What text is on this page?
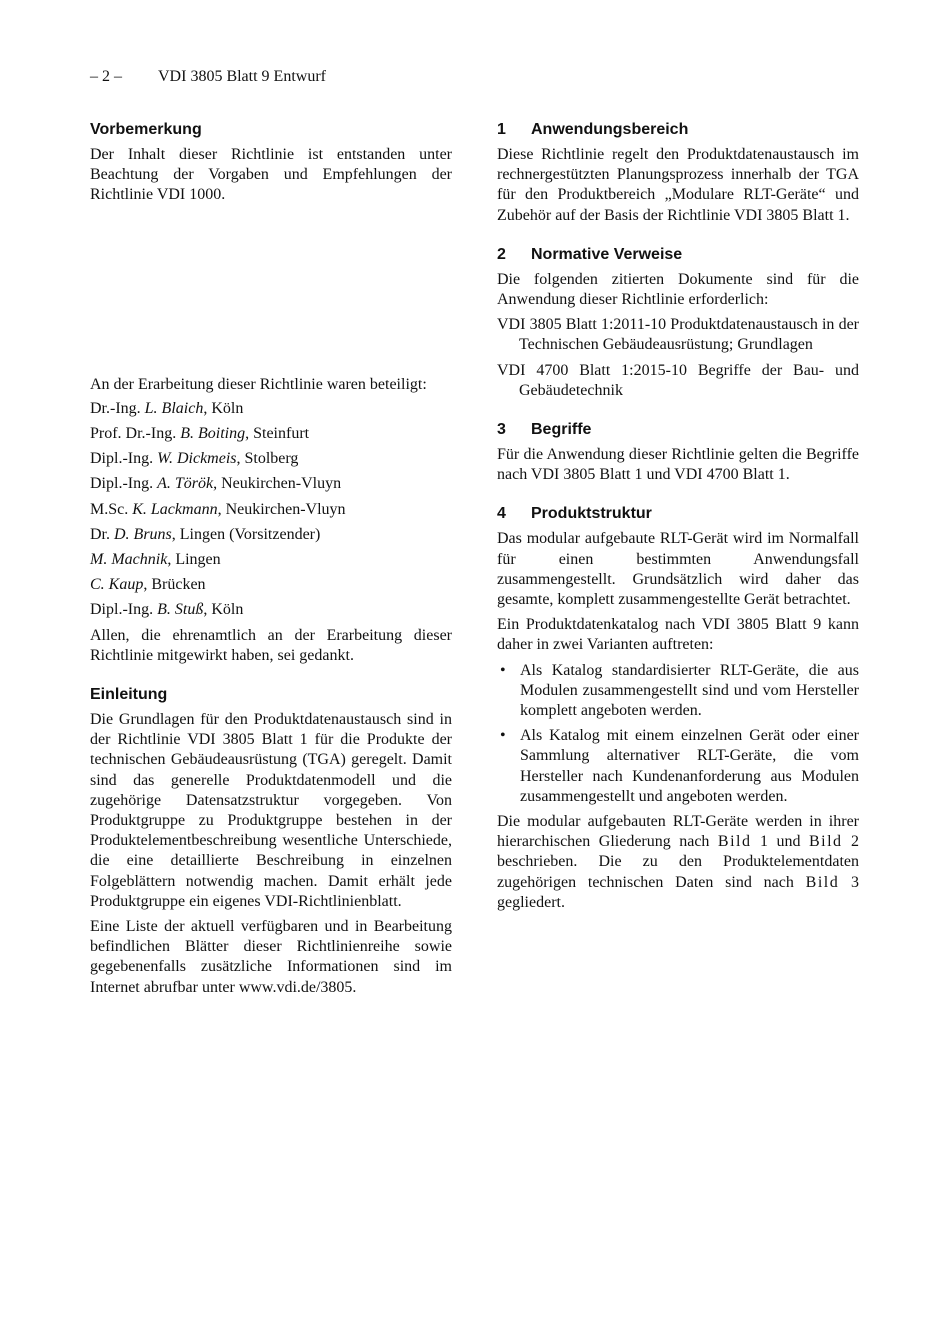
– 2 – VDI 3805 Blatt 9 Entwurf
Vorbemerkung

Der Inhalt dieser Richtlinie ist entstanden unter Beachtung der Vorgaben und Empfehlungen der Richtlinie VDI 1000.

An der Erarbeitung dieser Richtlinie waren beteiligt:

Dr.-Ing. L. Blaich, Köln
Prof. Dr.-Ing. B. Boiting, Steinfurt
Dipl.-Ing. W. Dickmeis, Stolberg
Dipl.-Ing. A. Török, Neukirchen-Vluyn
M.Sc. K. Lackmann, Neukirchen-Vluyn
Dr. D. Bruns, Lingen (Vorsitzender)
M. Machnik, Lingen
C. Kaup, Brücken
Dipl.-Ing. B. Stuß, Köln

Allen, die ehrenamtlich an der Erarbeitung dieser Richtlinie mitgewirkt haben, sei gedankt.

Einleitung

Die Grundlagen für den Produktdatenaustausch sind in der Richtlinie VDI 3805 Blatt 1 für die Produkte der technischen Gebäudeausrüstung (TGA) geregelt. Damit sind das generelle Produktdatenmodell und die zugehörige Datensatzstruktur vorgegeben. Von Produktgruppe zu Produktgruppe bestehen in der Produktelementbeschreibung wesentliche Unterschiede, die eine detaillierte Beschreibung in einzelnen Folgeblättern notwendig machen. Damit erhält jede Produktgruppe ein eigenes VDI-Richtlinienblatt.

Eine Liste der aktuell verfügbaren und in Bearbeitung befindlichen Blätter dieser Richtlinienreihe sowie gegebenenfalls zusätzliche Informationen sind im Internet abrufbar unter www.vdi.de/3805.

1 Anwendungsbereich

Diese Richtlinie regelt den Produktdatenaustausch im rechnergestützten Planungsprozess innerhalb der TGA für den Produktbereich „Modulare RLT-Geräte“ und Zubehör auf der Basis der Richtlinie VDI 3805 Blatt 1.

2 Normative Verweise

Die folgenden zitierten Dokumente sind für die Anwendung dieser Richtlinie erforderlich:

VDI 3805 Blatt 1:2011-10 Produktdatenaustausch in der Technischen Gebäudeausrüstung; Grundlagen
VDI 4700 Blatt 1:2015-10 Begriffe der Bau- und Gebäudetechnik
3 Begriffe

Für die Anwendung dieser Richtlinie gelten die Begriffe nach VDI 3805 Blatt 1 und VDI 4700 Blatt 1.

4 Produktstruktur

Das modular aufgebaute RLT-Gerät wird im Normalfall für einen bestimmten Anwendungsfall zusammengestellt. Grundsätzlich wird daher das gesamte, komplett zusammengestellte Gerät betrachtet.

Ein Produktdatenkatalog nach VDI 3805 Blatt 9 kann daher in zwei Varianten auftreten:

• Als Katalog standardisierter RLT-Geräte, die aus Modulen zusammengestellt sind und vom Hersteller komplett angeboten werden.
• Als Katalog mit einem einzelnen Gerät oder einer Sammlung alternativer RLT-Geräte, die vom Hersteller nach Kundenanforderung aus Modulen zusammengestellt und angeboten werden.

Die modular aufgebauten RLT-Geräte werden in ihrer hierarchischen Gliederung nach Bild 1 und Bild 2 beschrieben. Die zu den Produktelementdaten zugehörigen technischen Daten sind nach Bild 3 gegliedert.
